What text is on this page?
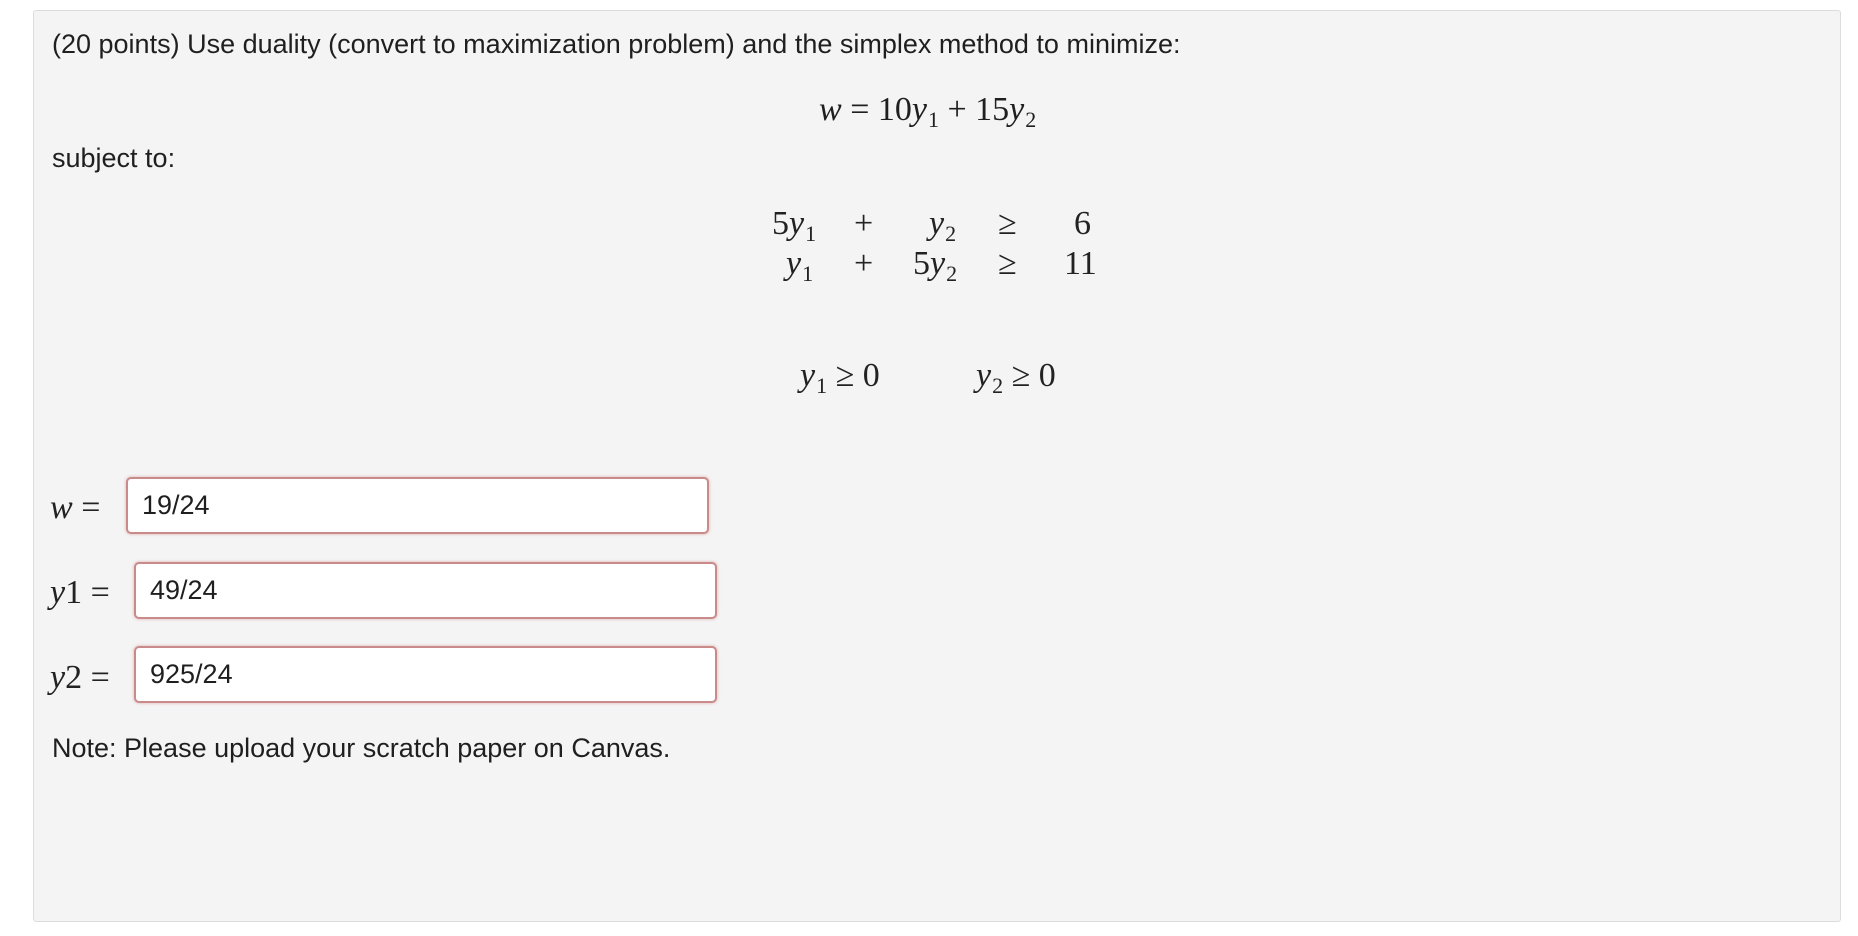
(20 points) Use duality (convert to maximization problem) and the simplex method to minimize:
$w = 10y_1 + 15y_2$
subject to:
$5y_1 + y_2 \ge 6$
$y_1 + 5y_2 \ge 11$
$y_1 \ge 0$	$y_2 \ge 0$
w =
19/24
y1 =
49/24
y2 =
925/24
Note: Please upload your scratch paper on Canvas.
